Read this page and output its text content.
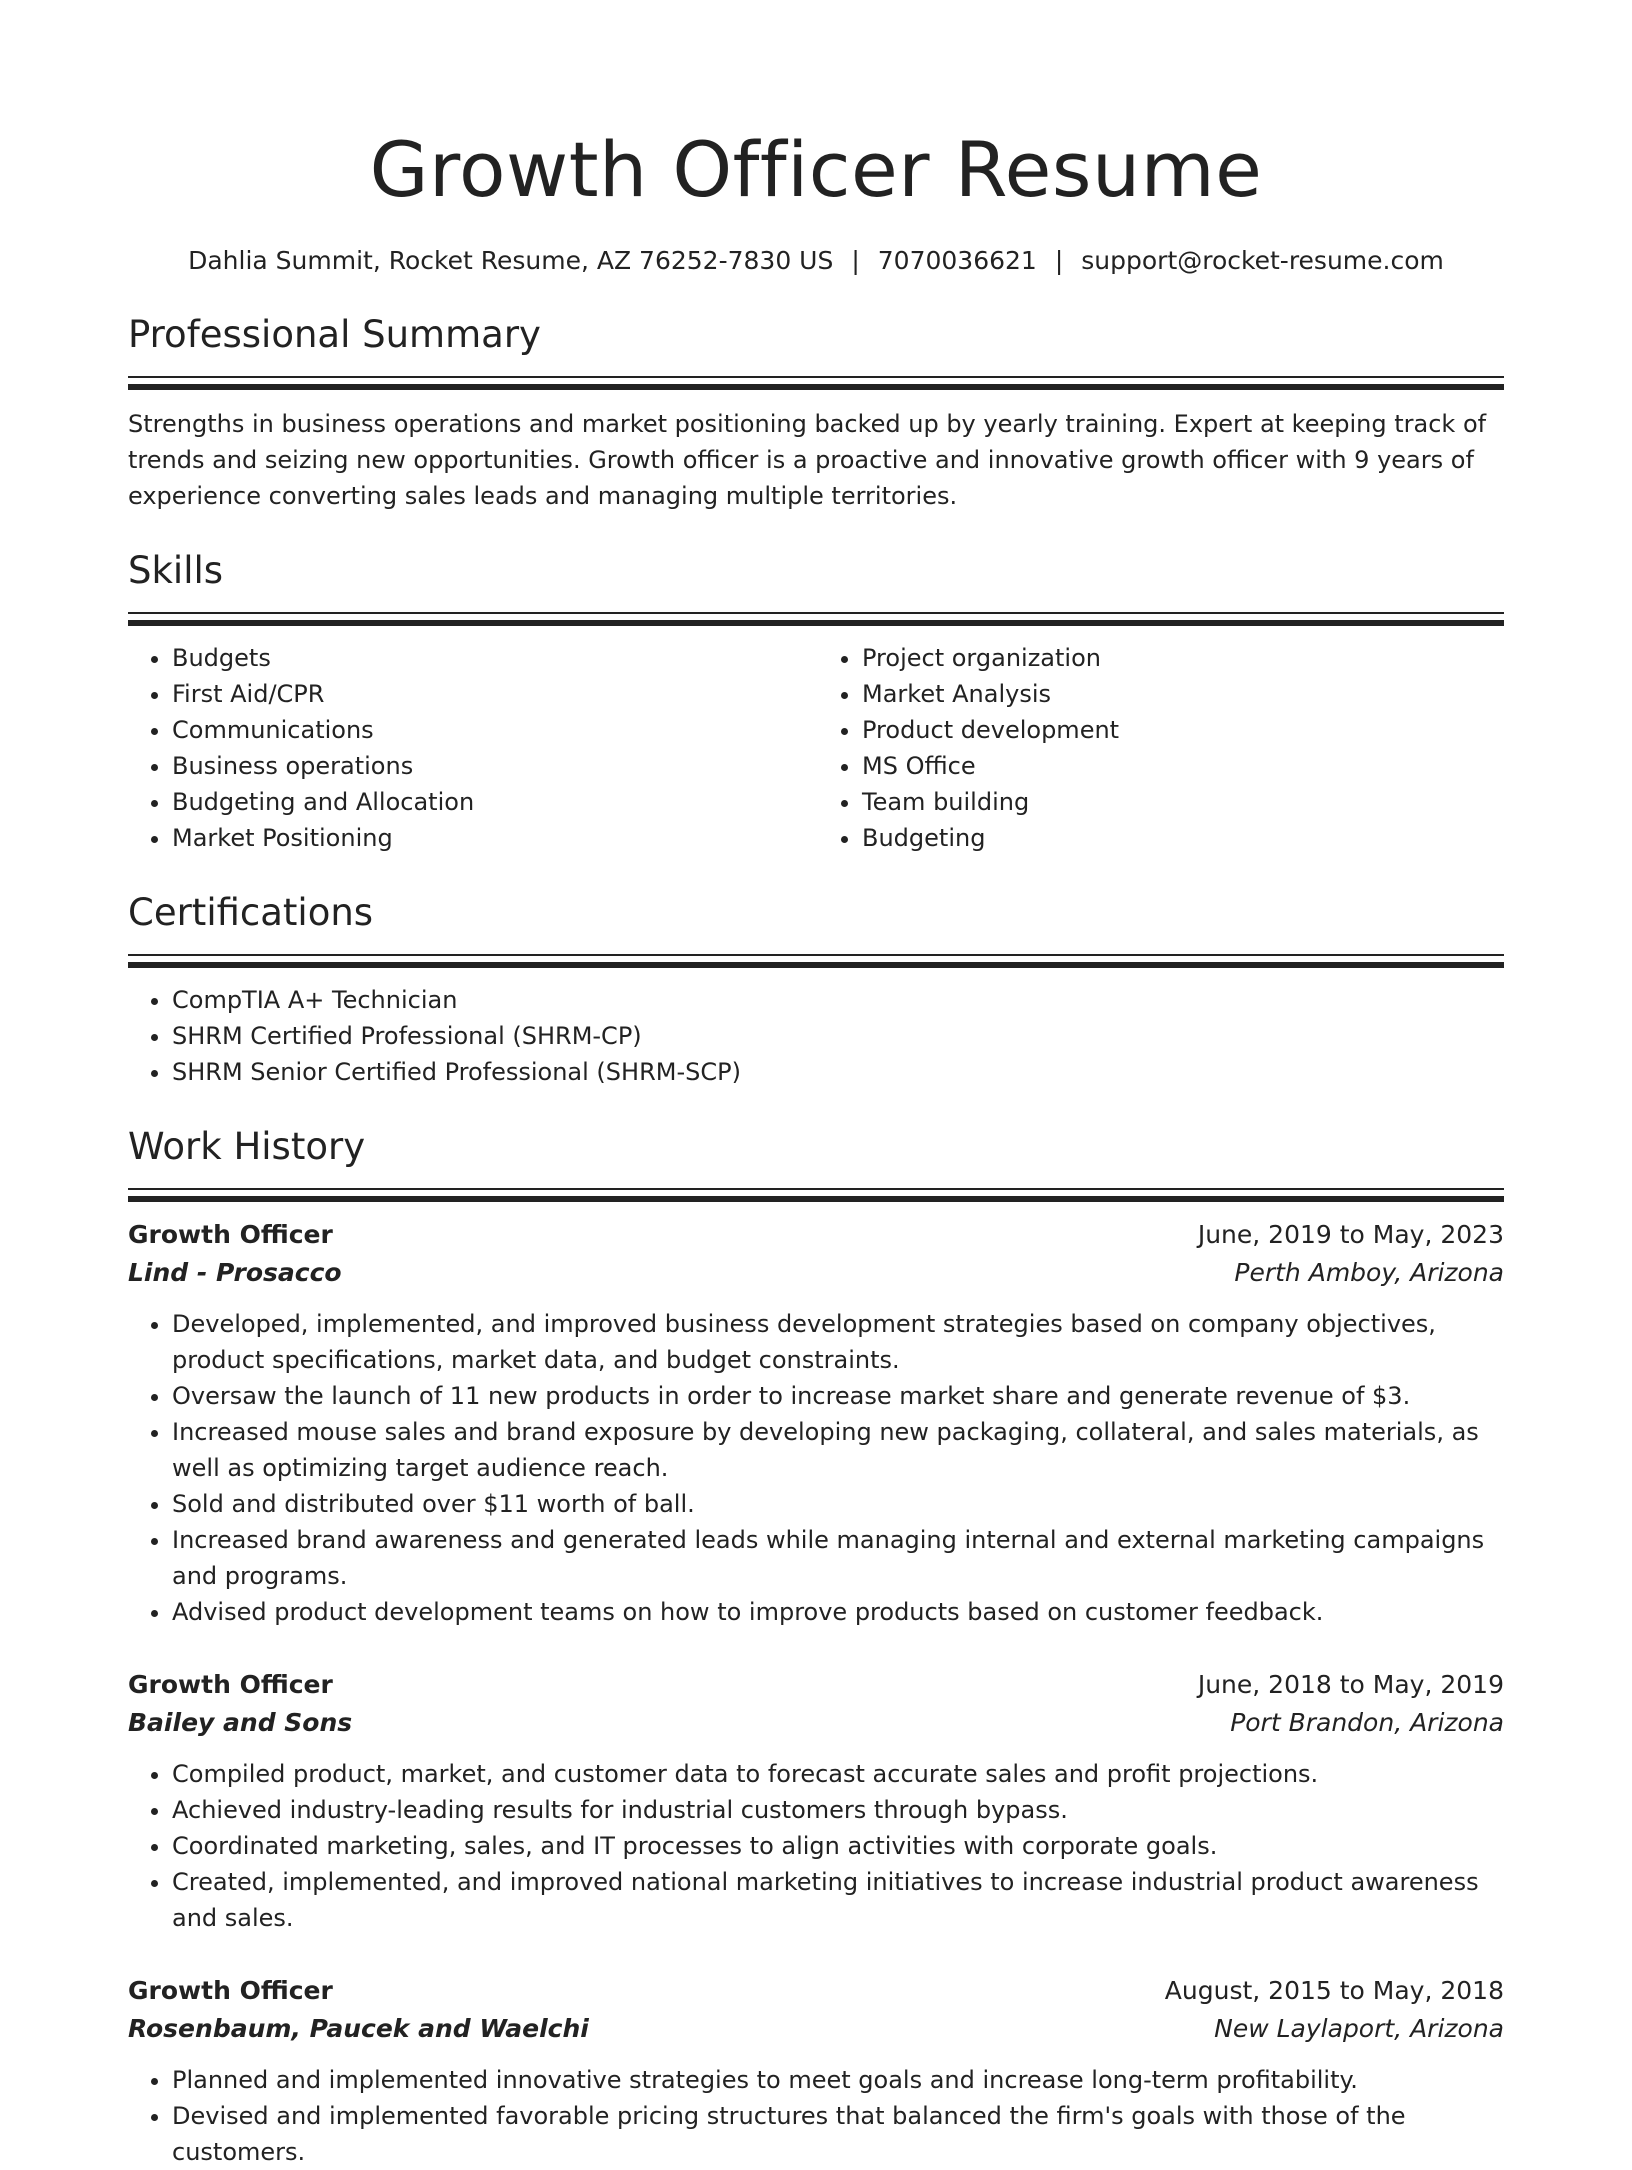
Growth Officer Resume
Dahlia Summit, Rocket Resume, AZ 76252-7830 US | 7070036621 | support@rocket-resume.com
Professional Summary

Strengths in business operations and market positioning backed up by yearly training. Expert at keeping track of trends and seizing new opportunities. Growth officer is a proactive and innovative growth officer with 9 years of experience converting sales leads and managing multiple territories.

Skills
• Budgets
• First Aid/CPR
• Communications
• Business operations
• Budgeting and Allocation
• Market Positioning
• Project organization
• Market Analysis
• Product development
• MS Office
• Team building
• Budgeting
Certifications
• CompTIA A+ Technician
• SHRM Certified Professional (SHRM-CP)
• SHRM Senior Certified Professional (SHRM-SCP)
Work History
Growth Officer	June, 2019 to May, 2023
Lind - Prosacco	Perth Amboy, Arizona
• Developed, implemented, and improved business development strategies based on company objectives, product specifications, market data, and budget constraints.
• Oversaw the launch of 11 new products in order to increase market share and generate revenue of $3.
• Increased mouse sales and brand exposure by developing new packaging, collateral, and sales materials, as well as optimizing target audience reach.
• Sold and distributed over $11 worth of ball.
• Increased brand awareness and generated leads while managing internal and external marketing campaigns and programs.
• Advised product development teams on how to improve products based on customer feedback.
Growth Officer	June, 2018 to May, 2019
Bailey and Sons	Port Brandon, Arizona
• Compiled product, market, and customer data to forecast accurate sales and profit projections.
• Achieved industry-leading results for industrial customers through bypass.
• Coordinated marketing, sales, and IT processes to align activities with corporate goals.
• Created, implemented, and improved national marketing initiatives to increase industrial product awareness and sales.
Growth Officer	August, 2015 to May, 2018
Rosenbaum, Paucek and Waelchi	New Laylaport, Arizona
• Planned and implemented innovative strategies to meet goals and increase long-term profitability.
• Devised and implemented favorable pricing structures that balanced the firm's goals with those of the customers.
